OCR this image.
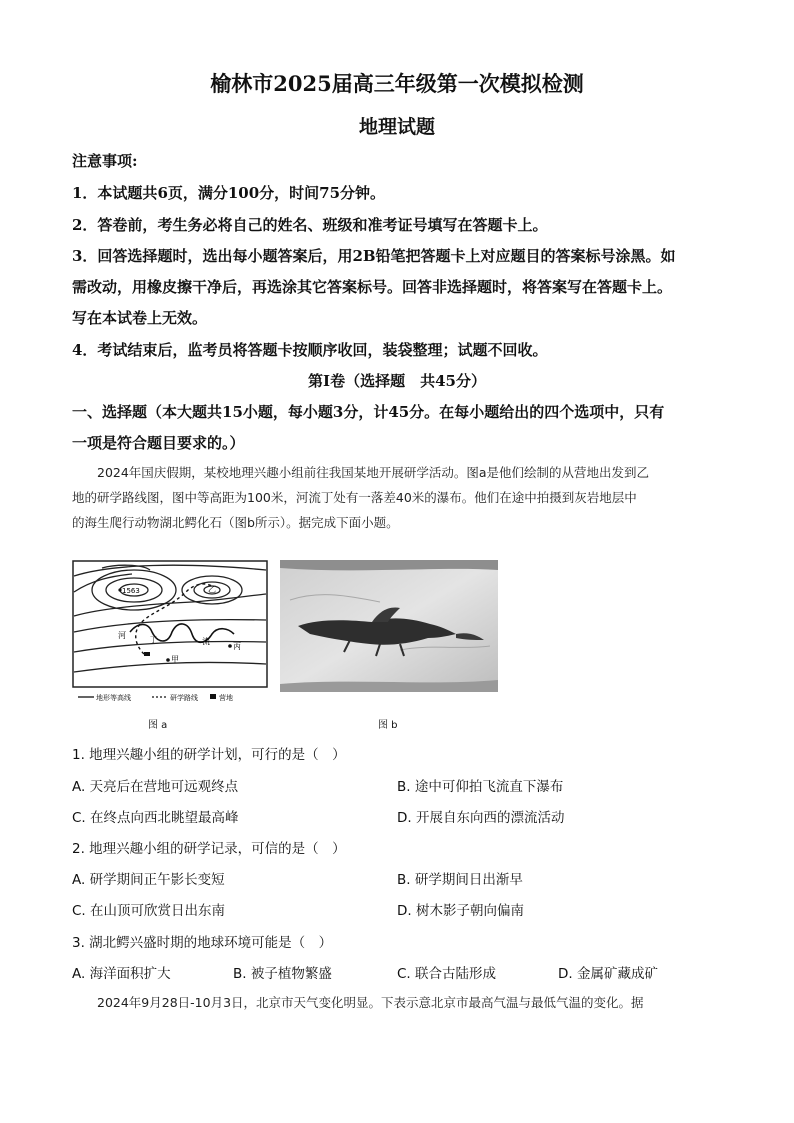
榆林市2025届高三年级第一次模拟检测
地理试题
注意事项:
1．本试题共6页，满分100分，时间75分钟。
2．答卷前，考生务必将自己的姓名、班级和准考证号填写在答题卡上。
3．回答选择题时，选出每小题答案后，用2B铅笔把答题卡上对应题目的答案标号涂黑。如
需改动，用橡皮擦干净后，再选涂其它答案标号。回答非选择题时，将答案写在答题卡上。
写在本试卷上无效。
4．考试结束后，监考员将答题卡按顺序收回，装袋整理；试题不回收。
第Ⅰ卷（选择题　共45分）
一、选择题（本大题共15小题，每小题3分，计45分。在每小题给出的四个选项中，只有
一项是符合题目要求的。）
　　2024年国庆假期，某校地理兴趣小组前往我国某地开展研学活动。图a是他们绘制的从营地出发到乙
地的研学路线图，图中等高距为100米，河流丁处有一落差40米的瀑布。他们在途中拍摄到灰岩地层中
的海生爬行动物湖北鳄化石（图b所示）。据完成下面小题。
1563	乙
河
流
丁
甲
丙
地形等高线	研学路线	营地
图 a	图 b
1. 地理兴趣小组的研学计划，可行的是（　）
A. 天亮后在营地可远观终点	B. 途中可仰拍飞流直下瀑布
C. 在终点向西北眺望最高峰	D. 开展自东向西的漂流活动
2. 地理兴趣小组的研学记录，可信的是（　）
A. 研学期间正午影长变短	B. 研学期间日出渐早
C. 在山顶可欣赏日出东南	D. 树木影子朝向偏南
3. 湖北鳄兴盛时期的地球环境可能是（　）
A. 海洋面积扩大	B. 被子植物繁盛	C. 联合古陆形成	D. 金属矿藏成矿
　　2024年9月28日-10月3日，北京市天气变化明显。下表示意北京市最高气温与最低气温的变化。据
